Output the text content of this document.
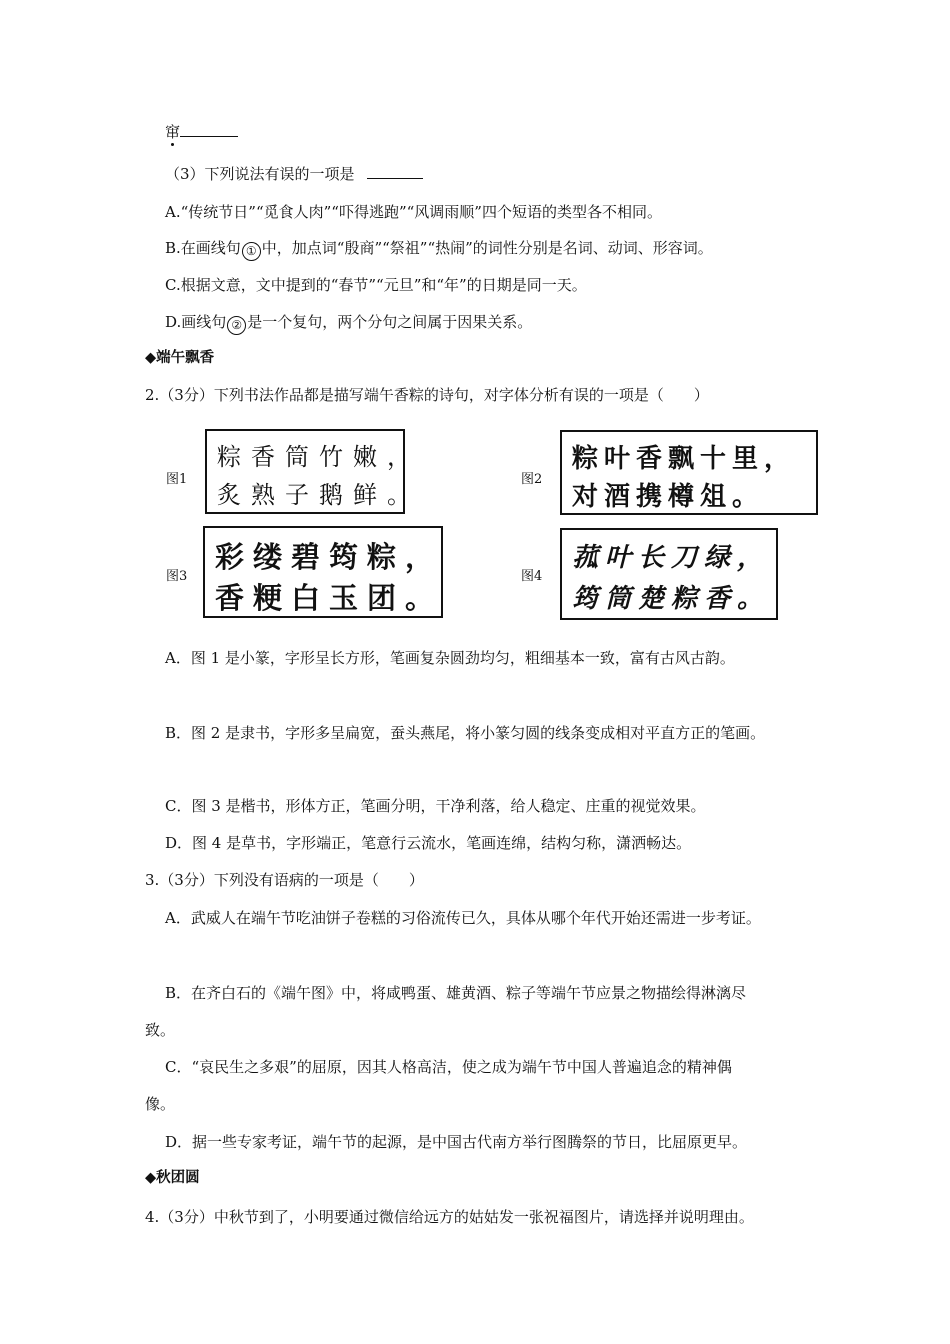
窜
（3）下列说法有误的一项是
A.“传统节日”“觅食人肉”“吓得逃跑”“风调雨顺”四个短语的类型各不相同。
B.在画线句 ① 中，加点词“殷商”“祭祖”“热闹”的词性分别是名词、动词、形容词。
C.根据文意，文中提到的“春节”“元旦”和“年”的日期是同一天。
D.画线句 ② 是一个复句，两个分句之间属于因果关系。
◆端午飘香
2.（3分）下列书法作品都是描写端午香粽的诗句，对字体分析有误的一项是（　　）
图1
粽香筒竹嫩，
炙熟子鹅鲜。
图2
粽叶香飘十里，
对酒携樽俎。
图3
彩缕碧筠粽，
香粳白玉团。
图4
菰叶长刀绿，
筠筒楚粽香。
A．图 1 是小篆，字形呈长方形，笔画复杂圆劲均匀，粗细基本一致，富有古风古韵。
B．图 2 是隶书，字形多呈扁宽，蚕头燕尾，将小篆匀圆的线条变成相对平直方正的笔画。
C．图 3 是楷书，形体方正，笔画分明，干净利落，给人稳定、庄重的视觉效果。
D．图 4 是草书，字形端正，笔意行云流水，笔画连绵，结构匀称，潇洒畅达。
3.（3分）下列没有语病的一项是（　　）
A．武威人在端午节吃油饼子卷糕的习俗流传已久，具体从哪个年代开始还需进一步考证。
B．在齐白石的《端午图》中，将咸鸭蛋、雄黄酒、粽子等端午节应景之物描绘得淋漓尽
致。
C．“哀民生之多艰”的屈原，因其人格高洁，使之成为端午节中国人普遍追念的精神偶
像。
D．据一些专家考证，端午节的起源，是中国古代南方举行图腾祭的节日，比屈原更早。
◆秋团圆
4.（3分）中秋节到了，小明要通过微信给远方的姑姑发一张祝福图片，请选择并说明理由。
